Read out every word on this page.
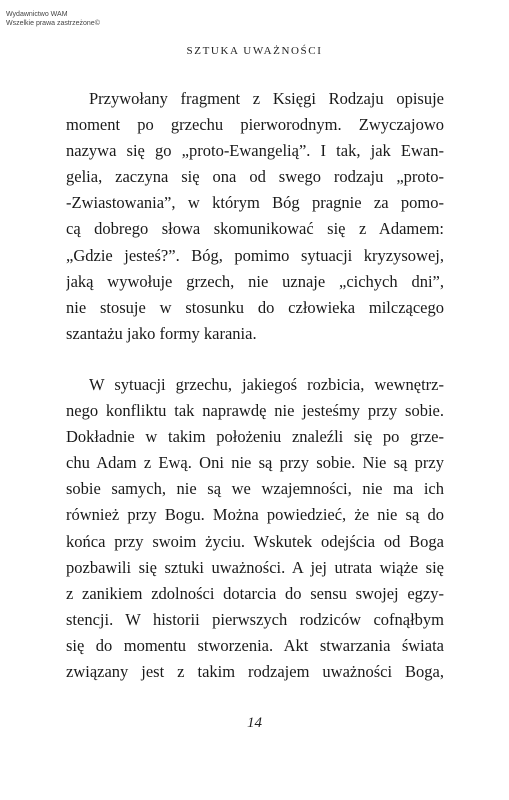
Wydawnictwo WAM
Wszelkie prawa zastrzeżone©
SZTUKA UWAŻNOŚCI
Przywołany fragment z Księgi Rodzaju opisuje
moment po grzechu pierworodnym. Zwyczajowo
nazywa się go „proto-Ewangelią”. I tak, jak Ewan-
gelia, zaczyna się ona od swego rodzaju „proto-
-Zwiastowania”, w którym Bóg pragnie za pomo-
cą dobrego słowa skomunikować się z Adamem:
„Gdzie jesteś?”. Bóg, pomimo sytuacji kryzysowej,
jaką wywołuje grzech, nie uznaje „cichych dni”,
nie stosuje w stosunku do człowieka milczącego
szantażu jako formy karania.
W sytuacji grzechu, jakiegoś rozbicia, wewnętrz-
nego konfliktu tak naprawdę nie jesteśmy przy sobie.
Dokładnie w takim położeniu znaleźli się po grze-
chu Adam z Ewą. Oni nie są przy sobie. Nie są przy
sobie samych, nie są we wzajemności, nie ma ich
również przy Bogu. Można powiedzieć, że nie są do
końca przy swoim życiu. Wskutek odejścia od Boga
pozbawili się sztuki uważności. A jej utrata wiąże się
z zanikiem zdolności dotarcia do sensu swojej egzy-
stencji. W historii pierwszych rodziców cofnąłbym
się do momentu stworzenia. Akt stwarzania świata
związany jest z takim rodzajem uważności Boga,
14
